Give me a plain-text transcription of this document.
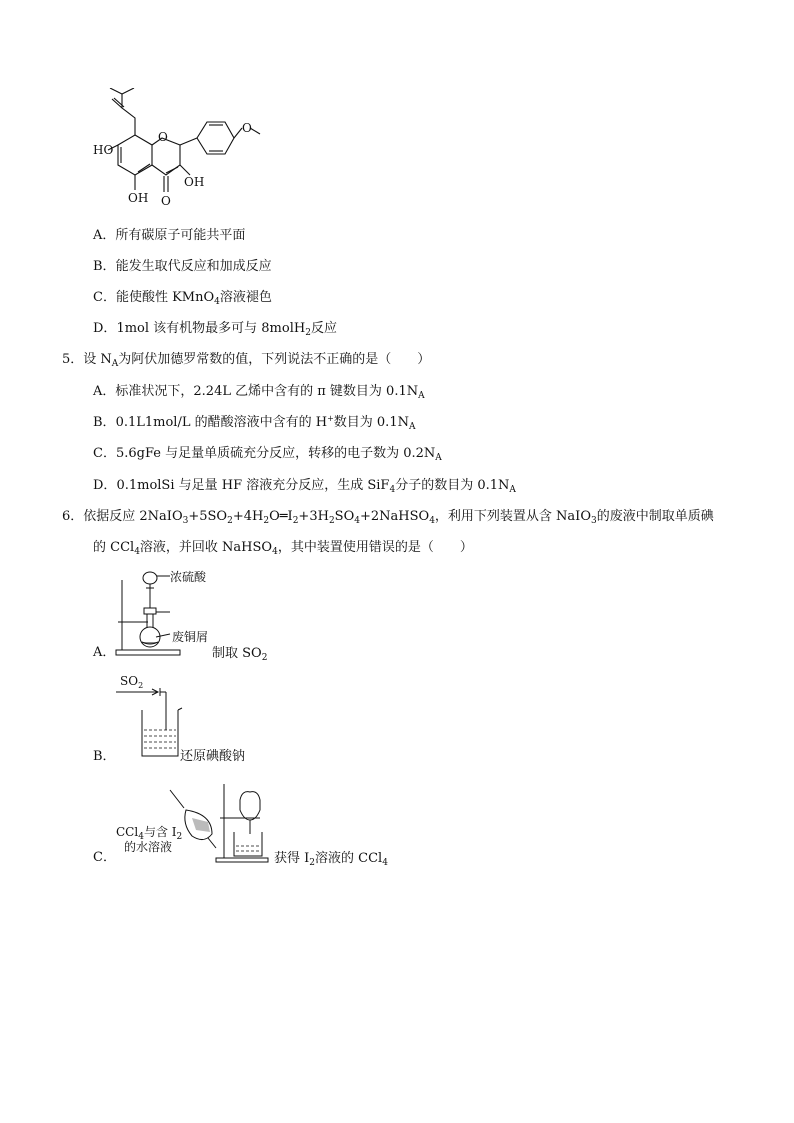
HO
OH
O
O
OH
O
A．所有碳原子可能共平面
B．能发生取代反应和加成反应
C．能使酸性 KMnO$_4$溶液褪色
D．1mol 该有机物最多可与 8molH$_2$反应
5．设 $N_A$为阿伏加德罗常数的值，下列说法不正确的是（　　）
A．标准状况下，2.24L 乙烯中含有的 π 键数目为 $0.1N_A$
B．0.1L1mol/L 的醋酸溶液中含有的 H+数目为 $0.1N_A$
C．5.6gFe 与足量单质硫充分反应，转移的电子数为 $0.2N_A$
D．0.1molSi 与足量 HF 溶液充分反应，生成 SiF$_4$分子的数目为 $0.1N_A$
6．依据反应 $2NaIO_3+5SO_2+4H_2O═I_2+3H_2SO_4+2NaHSO_4$，利用下列装置从含 NaIO$_3$的废液中制取单质碘
的 CCl$_4$溶液，并回收 NaHSO$_4$，其中装置使用错误的是（　　）
A．
浓硫酸
废铜屑
制取 $SO_2$
B．
$SO_2$
还原碘酸钠
C．
CCl$_4$与含 $I_2$
的水溶液
获得 $I_2$溶液的 CCl$_4$
